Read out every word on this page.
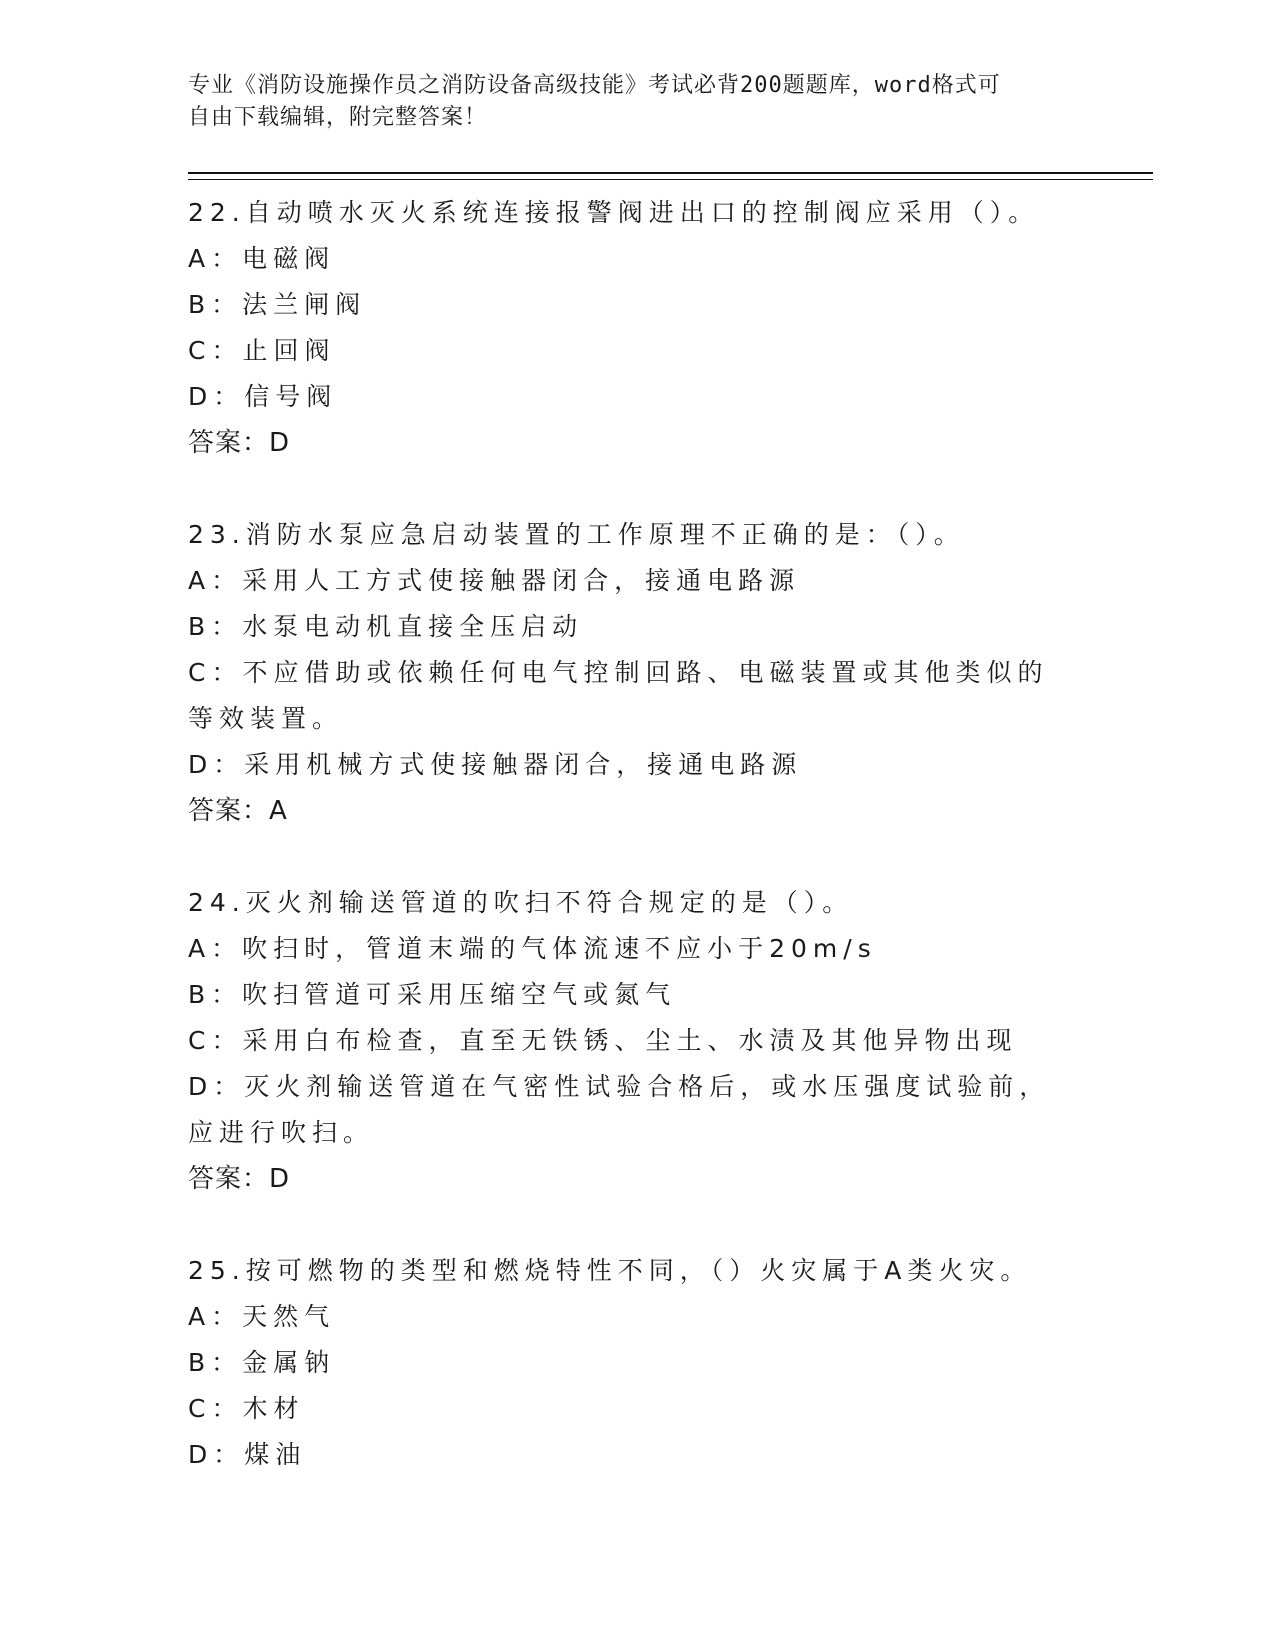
专业《消防设施操作员之消防设备高级技能》考试必背200题题库，word格式可
自由下载编辑，附完整答案！

22.自动喷水灭火系统连接报警阀进出口的控制阀应采用（）。

A：电磁阀

B：法兰闸阀

C：止回阀

D：信号阀

答案：D

23.消防水泵应急启动装置的工作原理不正确的是：（）。

A：采用人工方式使接触器闭合，接通电路源

B：水泵电动机直接全压启动

C：不应借助或依赖任何电气控制回路、电磁装置或其他类似的等效装置。

D：采用机械方式使接触器闭合，接通电路源

答案：A

24.灭火剂输送管道的吹扫不符合规定的是（）。

A：吹扫时，管道末端的气体流速不应小于20m/s

B：吹扫管道可采用压缩空气或氮气

C：采用白布检查，直至无铁锈、尘土、水渍及其他异物出现

D：灭火剂输送管道在气密性试验合格后，或水压强度试验前，应进行吹扫。

答案：D

25.按可燃物的类型和燃烧特性不同，（）火灾属于A类火灾。

A：天然气

B：金属钠

C：木材

D：煤油
